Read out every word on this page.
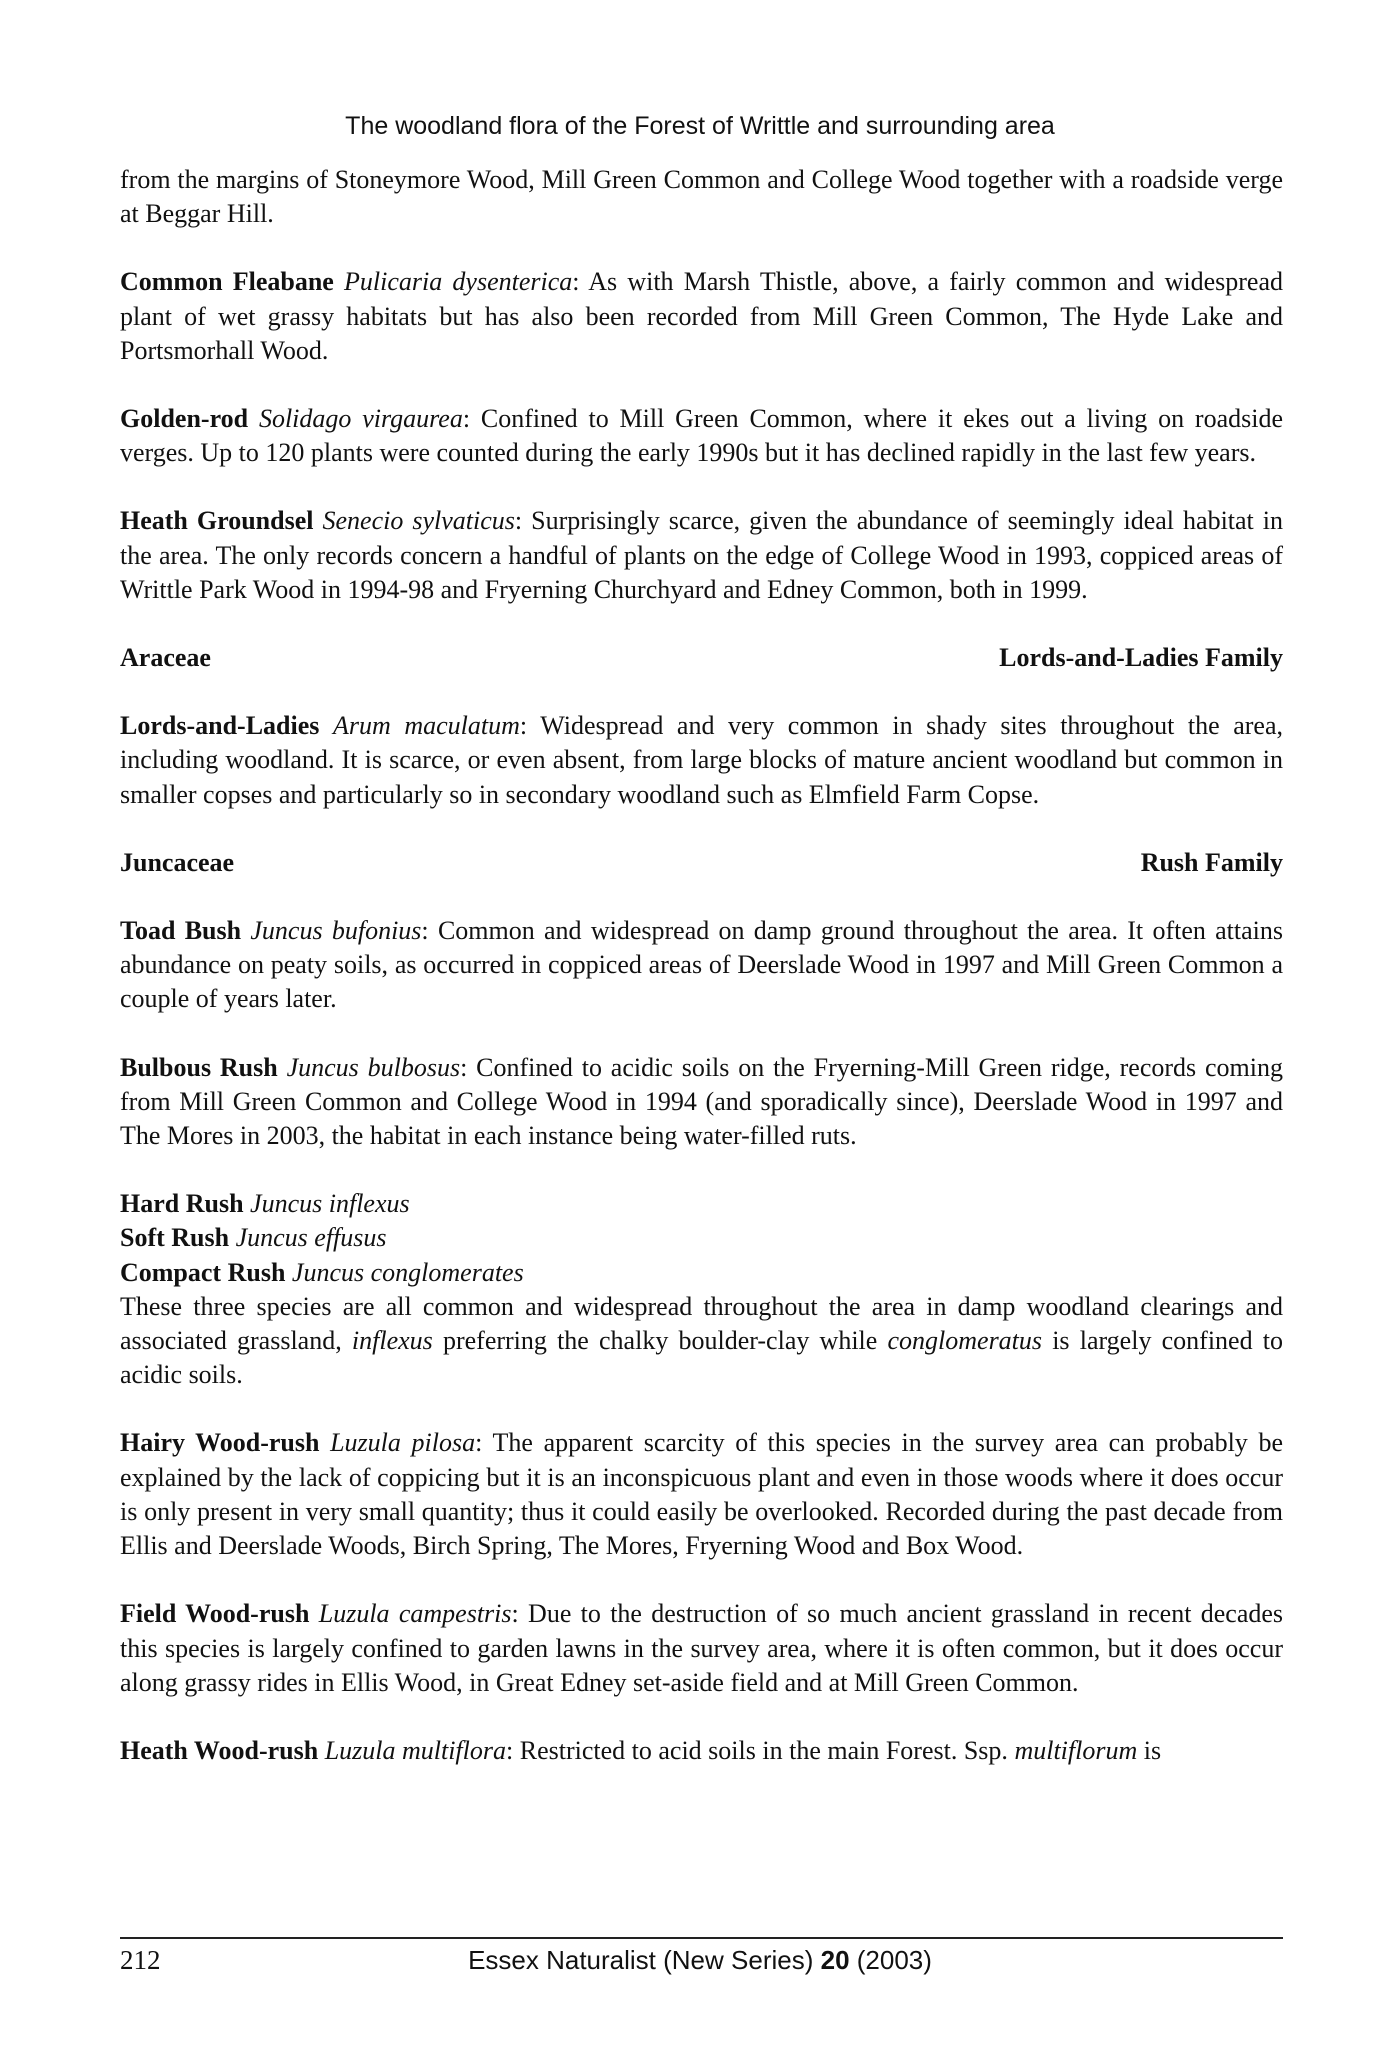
The woodland flora of the Forest of Writtle and surrounding area

from the margins of Stoneymore Wood, Mill Green Common and College Wood together with a roadside verge at Beggar Hill.

Common Fleabane Pulicaria dysenterica: As with Marsh Thistle, above, a fairly common and widespread plant of wet grassy habitats but has also been recorded from Mill Green Common, The Hyde Lake and Portsmorhall Wood.

Golden-rod Solidago virgaurea: Confined to Mill Green Common, where it ekes out a living on roadside verges. Up to 120 plants were counted during the early 1990s but it has declined rapidly in the last few years.

Heath Groundsel Senecio sylvaticus: Surprisingly scarce, given the abundance of seemingly ideal habitat in the area. The only records concern a handful of plants on the edge of College Wood in 1993, coppiced areas of Writtle Park Wood in 1994-98 and Fryerning Churchyard and Edney Common, both in 1999.

Araceae	Lords-and-Ladies Family

Lords-and-Ladies Arum maculatum: Widespread and very common in shady sites throughout the area, including woodland. It is scarce, or even absent, from large blocks of mature ancient woodland but common in smaller copses and particularly so in secondary woodland such as Elmfield Farm Copse.

Juncaceae	Rush Family

Toad Bush Juncus bufonius: Common and widespread on damp ground throughout the area. It often attains abundance on peaty soils, as occurred in coppiced areas of Deerslade Wood in 1997 and Mill Green Common a couple of years later.

Bulbous Rush Juncus bulbosus: Confined to acidic soils on the Fryerning-Mill Green ridge, records coming from Mill Green Common and College Wood in 1994 (and sporadically since), Deerslade Wood in 1997 and The Mores in 2003, the habitat in each instance being water-filled ruts.

Hard Rush Juncus inflexus

Soft Rush Juncus effusus

Compact Rush Juncus conglomerates

These three species are all common and widespread throughout the area in damp woodland clearings and associated grassland, inflexus preferring the chalky boulder-clay while conglomeratus is largely confined to acidic soils.

Hairy Wood-rush Luzula pilosa: The apparent scarcity of this species in the survey area can probably be explained by the lack of coppicing but it is an inconspicuous plant and even in those woods where it does occur is only present in very small quantity; thus it could easily be overlooked. Recorded during the past decade from Ellis and Deerslade Woods, Birch Spring, The Mores, Fryerning Wood and Box Wood.

Field Wood-rush Luzula campestris: Due to the destruction of so much ancient grassland in recent decades this species is largely confined to garden lawns in the survey area, where it is often common, but it does occur along grassy rides in Ellis Wood, in Great Edney set-aside field and at Mill Green Common.

Heath Wood-rush Luzula multiflora: Restricted to acid soils in the main Forest. Ssp. multiflorum is

212	Essex Naturalist (New Series) 20 (2003)
